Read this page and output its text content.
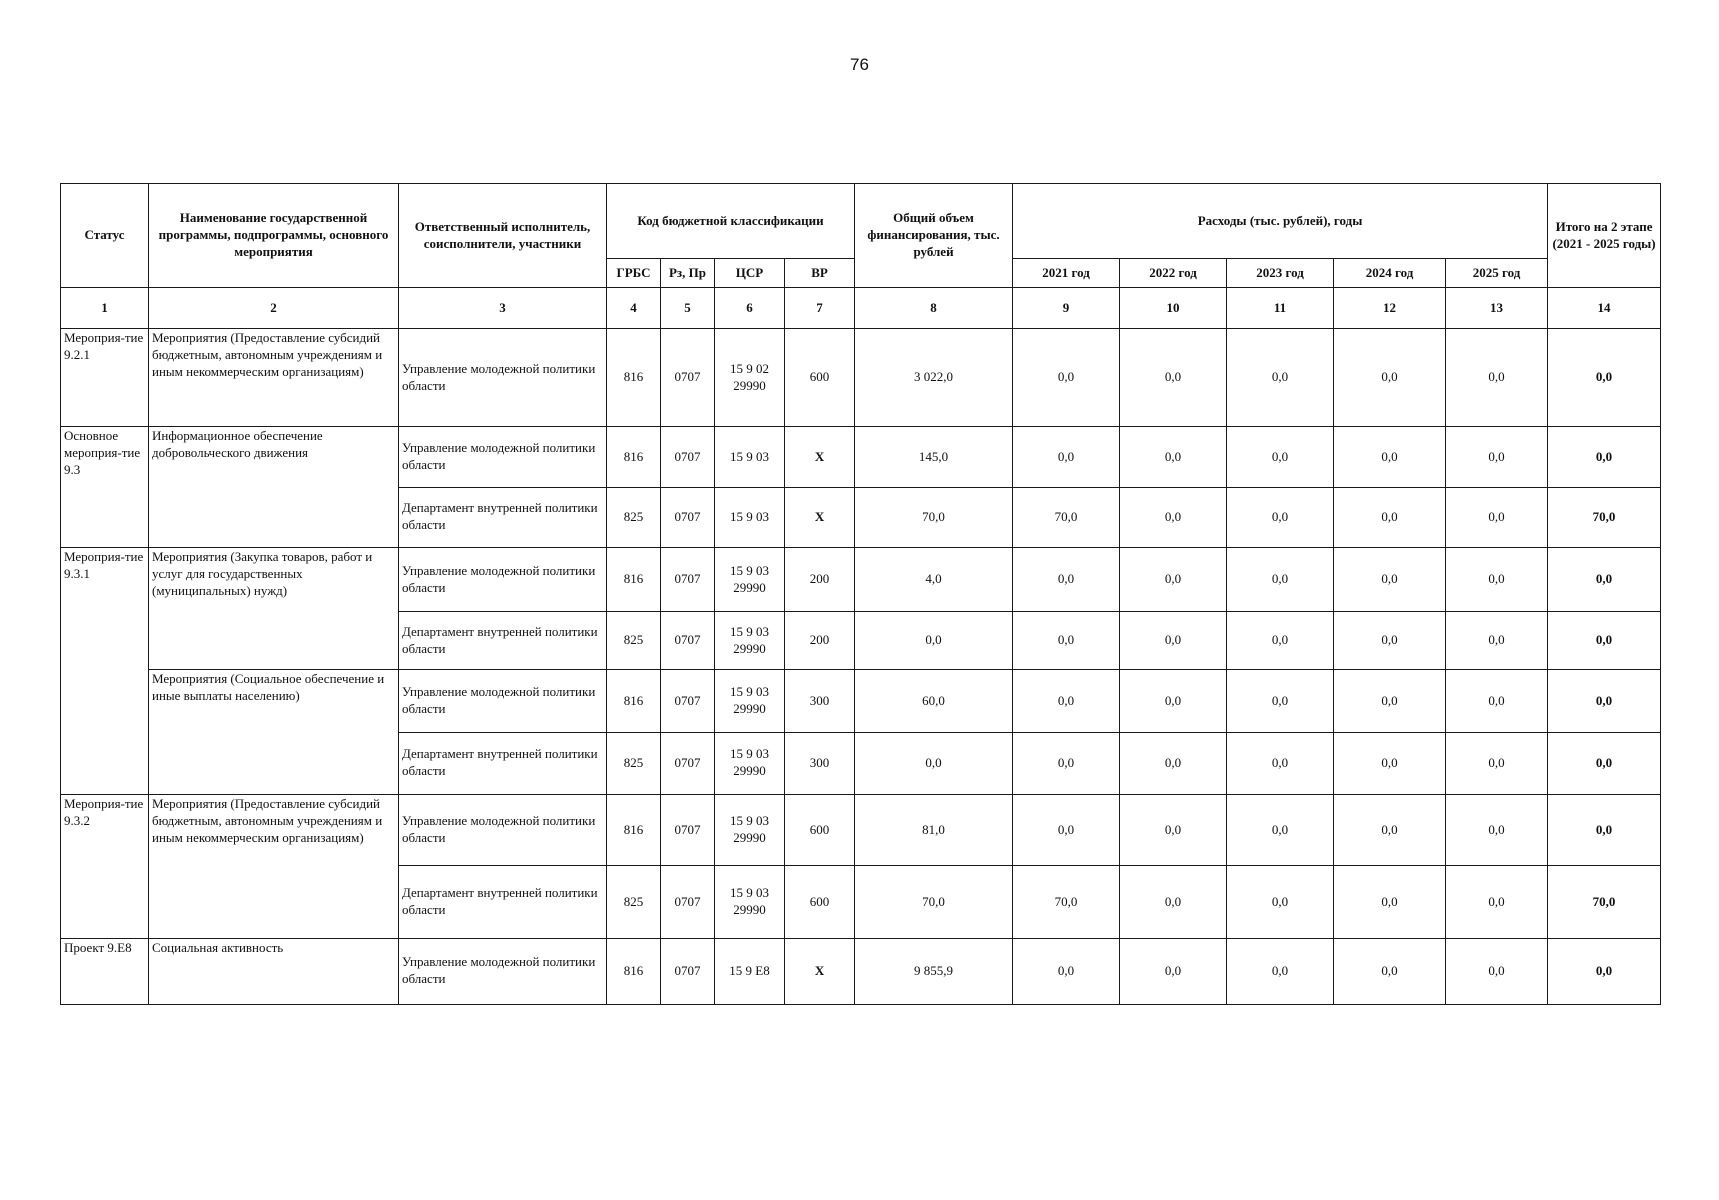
76
Статус	Наименование государственной программы, подпрограммы, основного мероприятия	Ответственный исполнитель, соисполнители, участники	Код бюджетной классификации				Общий объем финансирования, тыс. рублей	Расходы (тыс. рублей), годы					Итого на 2 этапе (2021 - 2025 годы)
			ГРБС	Рз, Пр	ЦСР	ВР		2021 год	2022 год	2023 год	2024 год	2025 год	
1	2	3	4	5	6	7	8	9	10	11	12	13	14
Мероприя-тие 9.2.1	Мероприятия (Предоставление субсидий бюджетным, автономным учреждениям и иным некоммерческим организациям)	Управление молодежной политики области	816	0707	15 9 02 29990	600	3 022,0	0,0	0,0	0,0	0,0	0,0	0,0
Основное мероприя-тие 9.3	Информационное обеспечение добровольческого движения	Управление молодежной политики области	816	0707	15 9 03	X	145,0	0,0	0,0	0,0	0,0	0,0	0,0
		Департамент внутренней политики области	825	0707	15 9 03	X	70,0	70,0	0,0	0,0	0,0	0,0	70,0
Мероприя-тие 9.3.1	Мероприятия (Закупка товаров, работ и услуг для государственных (муниципальных) нужд)	Управление молодежной политики области	816	0707	15 9 03 29990	200	4,0	0,0	0,0	0,0	0,0	0,0	0,0
		Департамент внутренней политики области	825	0707	15 9 03 29990	200	0,0	0,0	0,0	0,0	0,0	0,0	0,0
	Мероприятия (Социальное обеспечение и иные выплаты населению)	Управление молодежной политики области	816	0707	15 9 03 29990	300	60,0	0,0	0,0	0,0	0,0	0,0	0,0
		Департамент внутренней политики области	825	0707	15 9 03 29990	300	0,0	0,0	0,0	0,0	0,0	0,0	0,0
Мероприя-тие 9.3.2	Мероприятия (Предоставление субсидий бюджетным, автономным учреждениям и иным некоммерческим организациям)	Управление молодежной политики области	816	0707	15 9 03 29990	600	81,0	0,0	0,0	0,0	0,0	0,0	0,0
		Департамент внутренней политики области	825	0707	15 9 03 29990	600	70,0	70,0	0,0	0,0	0,0	0,0	70,0
Проект 9.Е8	Социальная активность	Управление молодежной политики области	816	0707	15 9 Е8	X	9 855,9	0,0	0,0	0,0	0,0	0,0	0,0
